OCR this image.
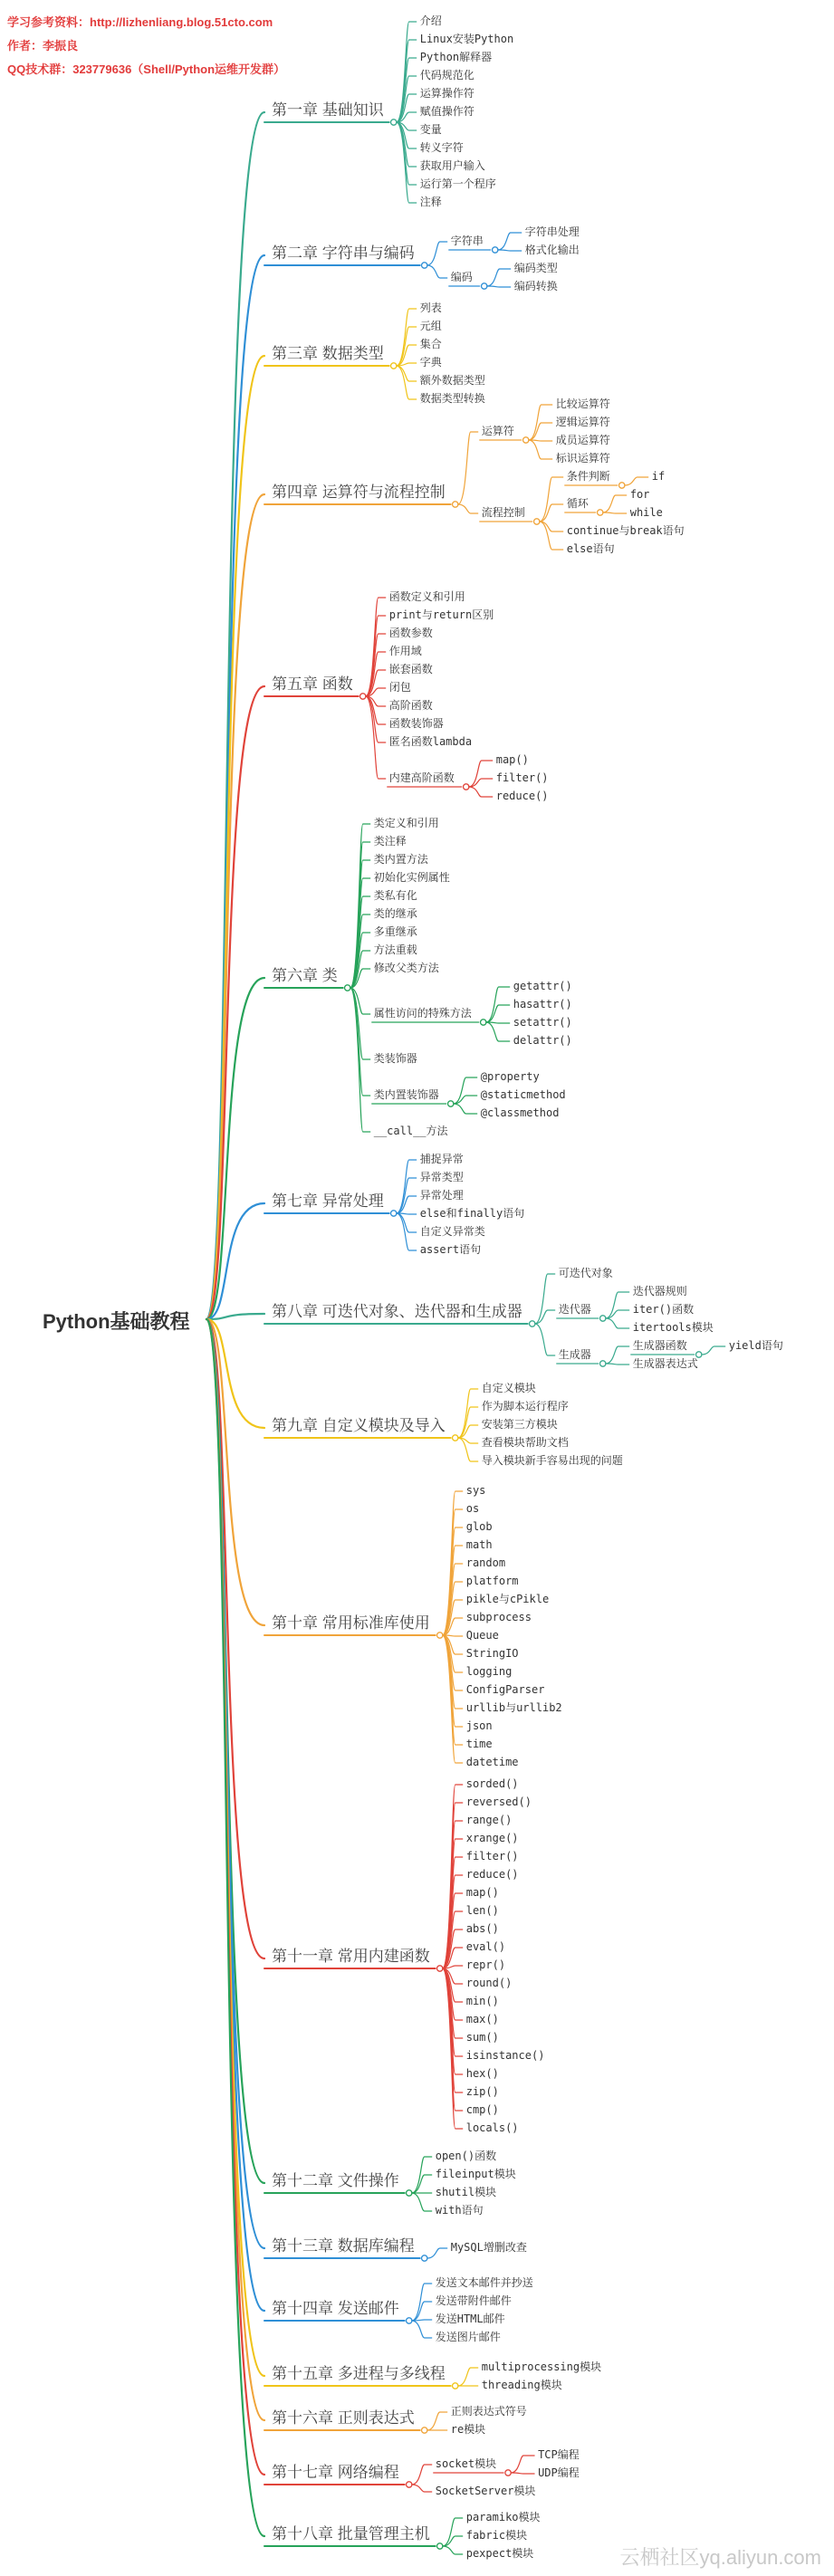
学习参考资料：http://lizhenliang.blog.51cto.com
作者：李振良
QQ技术群：323779636（Shell/Python运维开发群）
Python基础教程
云栖社区yq.aliyun.com
第一章 基础知识
介绍
Linux安装Python
Python解释器
代码规范化
运算操作符
赋值操作符
变量
转义字符
获取用户输入
运行第一个程序
注释
第二章 字符串与编码
字符串
字符串处理
格式化输出
编码
编码类型
编码转换
第三章 数据类型
列表
元组
集合
字典
额外数据类型
数据类型转换
第四章 运算符与流程控制
运算符
比较运算符
逻辑运算符
成员运算符
标识运算符
流程控制
条件判断	if
循环
for
while
continue与break语句
else语句
第五章 函数
函数定义和引用
print与return区别
函数参数
作用域
嵌套函数
闭包
高阶函数
函数装饰器
匿名函数lambda
内建高阶函数
map()
filter()
reduce()
第六章 类
类定义和引用
类注释
类内置方法
初始化实例属性
类私有化
类的继承
多重继承
方法重载
修改父类方法
属性访问的特殊方法
getattr()
hasattr()
setattr()
delattr()
类装饰器
类内置装饰器
@property
@staticmethod
@classmethod
__call__方法
第七章 异常处理
捕捉异常
异常类型
异常处理
else和finally语句
自定义异常类
assert语句
第八章 可迭代对象、迭代器和生成器
可迭代对象
迭代器
迭代器规则
iter()函数
itertools模块
生成器
生成器函数	yield语句
生成器表达式
第九章 自定义模块及导入
自定义模块
作为脚本运行程序
安装第三方模块
查看模块帮助文档
导入模块新手容易出现的问题
第十章 常用标准库使用
sys
os
glob
math
random
platform
pikle与cPikle
subprocess
Queue
StringIO
logging
ConfigParser
urllib与urllib2
json
time
datetime
第十一章 常用内建函数
sorded()
reversed()
range()
xrange()
filter()
reduce()
map()
len()
abs()
eval()
repr()
round()
min()
max()
sum()
isinstance()
hex()
zip()
cmp()
locals()
第十二章 文件操作
open()函数
fileinput模块
shutil模块
with语句
第十三章 数据库编程	MySQL增删改查
第十四章 发送邮件
发送文本邮件并抄送
发送带附件邮件
发送HTML邮件
发送图片邮件
第十五章 多进程与多线程	multiprocessing模块
threading模块
第十六章 正则表达式	正则表达式符号
re模块
第十七章 网络编程	socket模块
TCP编程
UDP编程
SocketServer模块
第十八章 批量管理主机
paramiko模块
fabric模块
pexpect模块
